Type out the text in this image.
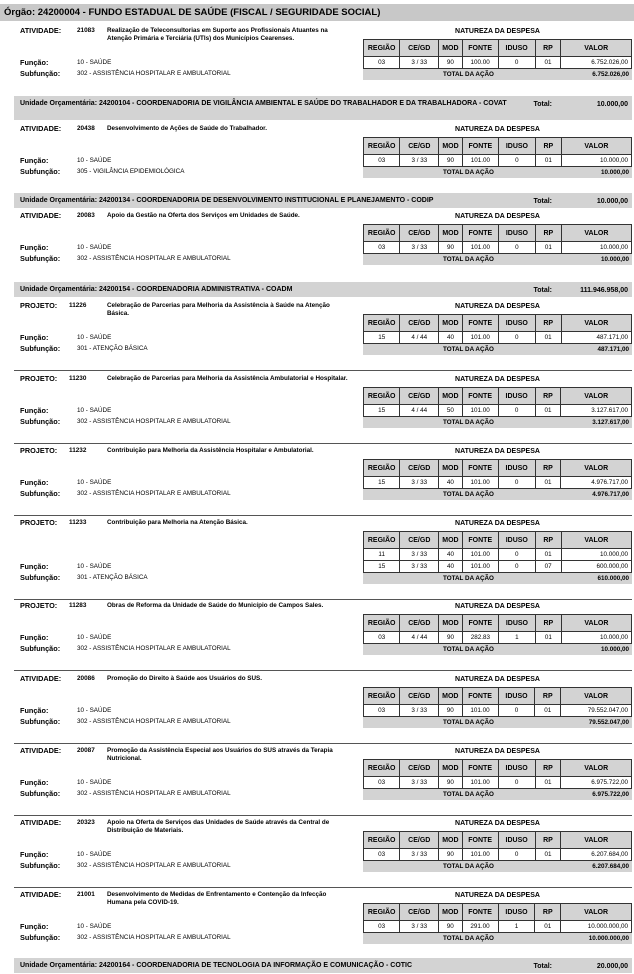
Órgão: 24200004 - FUNDO ESTADUAL DE SAÚDE (FISCAL / SEGURIDADE SOCIAL)
ATIVIDADE: 21083 Realização de Teleconsultorias em Suporte aos Profissionais Atuantes na Atenção Primária e Terciária (UTIs) dos Municípios Cearenses.
NATUREZA DA DESPESA
REGIÃO	CE/GD	MOD	FONTE	IDUSO	RP	VALOR
03	3 / 33	90	100.00	0	01	6.752.026,00
TOTAL DA AÇÃO	6.752.026,00
Função:	10 - SAÚDE
Subfunção:	302 - ASSISTÊNCIA HOSPITALAR E AMBULATORIAL
Unidade Orçamentária: 24200104 - COORDENADORIA DE VIGILÂNCIA AMBIENTAL E SAÚDE DO TRABALHADOR E DA TRABALHADORA - COVAT	Total:	10.000,00
ATIVIDADE: 20438 Desenvolvimento de Ações de Saúde do Trabalhador.	NATUREZA DA DESPESA
REGIÃO	CE/GD	MOD	FONTE	IDUSO	RP	VALOR
03	3 / 33	90	101.00	0	01	10.000,00
TOTAL DA AÇÃO	10.000,00
Função:	10 - SAÚDE
Subfunção:	305 - VIGILÂNCIA EPIDEMIOLÓGICA
Unidade Orçamentária: 24200134 - COORDENADORIA DE DESENVOLVIMENTO INSTITUCIONAL E PLANEJAMENTO - CODIP	Total:	10.000,00
ATIVIDADE: 20083 Apoio da Gestão na Oferta dos Serviços em Unidades de Saúde.	NATUREZA DA DESPESA
REGIÃO	CE/GD	MOD	FONTE	IDUSO	RP	VALOR
03	3 / 33	90	101.00	0	01	10.000,00
TOTAL DA AÇÃO	10.000,00
Função:	10 - SAÚDE
Subfunção:	302 - ASSISTÊNCIA HOSPITALAR E AMBULATORIAL
Unidade Orçamentária: 24200154 - COORDENADORIA ADMINISTRATIVA - COADM	Total:	111.946.958,00
PROJETO: 11226	Celebração de Parcerias para Melhoria da Assistência à Saúde na Atenção Básica.
NATUREZA DA DESPESA
REGIÃO	CE/GD	MOD	FONTE	IDUSO	RP	VALOR
15	4 / 44	40	101.00	0	01	487.171,00
TOTAL DA AÇÃO	487.171,00
Função:	10 - SAÚDE
Subfunção:	301 - ATENÇÃO BÁSICA
PROJETO: 11230	Celebração de Parcerias para Melhoria da Assistência Ambulatorial e Hospitalar.	NATUREZA DA DESPESA
REGIÃO	CE/GD	MOD	FONTE	IDUSO	RP	VALOR
15	4 / 44	50	101.00	0	01	3.127.617,00
TOTAL DA AÇÃO	3.127.617,00
Função:	10 - SAÚDE
Subfunção:	302 - ASSISTÊNCIA HOSPITALAR E AMBULATORIAL
PROJETO: 11232	Contribuição para Melhoria da Assistência Hospitalar e Ambulatorial.	NATUREZA DA DESPESA
REGIÃO	CE/GD	MOD	FONTE	IDUSO	RP	VALOR
15	3 / 33	40	101.00	0	01	4.976.717,00
TOTAL DA AÇÃO	4.976.717,00
Função:	10 - SAÚDE
Subfunção:	302 - ASSISTÊNCIA HOSPITALAR E AMBULATORIAL
PROJETO: 11233	Contribuição para Melhoria na Atenção Básica.	NATUREZA DA DESPESA
REGIÃO	CE/GD	MOD	FONTE	IDUSO	RP	VALOR
11	3 / 33	40	101.00	0	01	10.000,00
15	3 / 33	40	101.00	0	07	600.000,00
TOTAL DA AÇÃO	610.000,00
Função:	10 - SAÚDE
Subfunção:	301 - ATENÇÃO BÁSICA
PROJETO: 11283	Obras de Reforma da Unidade de Saúde do Município de Campos Sales.	NATUREZA DA DESPESA
REGIÃO	CE/GD	MOD	FONTE	IDUSO	RP	VALOR
03	4 / 44	90	282.83	1	01	10.000,00
TOTAL DA AÇÃO	10.000,00
Função:	10 - SAÚDE
Subfunção:	302 - ASSISTÊNCIA HOSPITALAR E AMBULATORIAL
ATIVIDADE: 20086 Promoção do Direito à Saúde aos Usuários do SUS.	NATUREZA DA DESPESA
REGIÃO	CE/GD	MOD	FONTE	IDUSO	RP	VALOR
03	3 / 33	90	101.00	0	01	79.552.047,00
TOTAL DA AÇÃO	79.552.047,00
Função:	10 - SAÚDE
Subfunção:	302 - ASSISTÊNCIA HOSPITALAR E AMBULATORIAL
ATIVIDADE: 20087 Promoção da Assistência Especial aos Usuários do SUS através da Terapia Nutricional.
NATUREZA DA DESPESA
REGIÃO	CE/GD	MOD	FONTE	IDUSO	RP	VALOR
03	3 / 33	90	101.00	0	01	6.975.722,00
TOTAL DA AÇÃO	6.975.722,00
Função:	10 - SAÚDE
Subfunção:	302 - ASSISTÊNCIA HOSPITALAR E AMBULATORIAL
ATIVIDADE: 20323 Apoio na Oferta de Serviços das Unidades de Saúde através da Central de Distribuição de Materiais.
NATUREZA DA DESPESA
REGIÃO	CE/GD	MOD	FONTE	IDUSO	RP	VALOR
03	3 / 33	90	101.00	0	01	6.207.684,00
TOTAL DA AÇÃO	6.207.684,00
Função:	10 - SAÚDE
Subfunção:	302 - ASSISTÊNCIA HOSPITALAR E AMBULATORIAL
ATIVIDADE: 21001 Desenvolvimento de Medidas de Enfrentamento e Contenção da Infecção Humana pela COVID-19.
NATUREZA DA DESPESA
REGIÃO	CE/GD	MOD	FONTE	IDUSO	RP	VALOR
03	3 / 33	90	291.00	1	01	10.000.000,00
TOTAL DA AÇÃO	10.000.000,00
Função:	10 - SAÚDE
Subfunção:	302 - ASSISTÊNCIA HOSPITALAR E AMBULATORIAL
Unidade Orçamentária: 24200164 - COORDENADORIA DE TECNOLOGIA DA INFORMAÇÃO E COMUNICAÇÃO - COTIC	Total:	20.000,00
